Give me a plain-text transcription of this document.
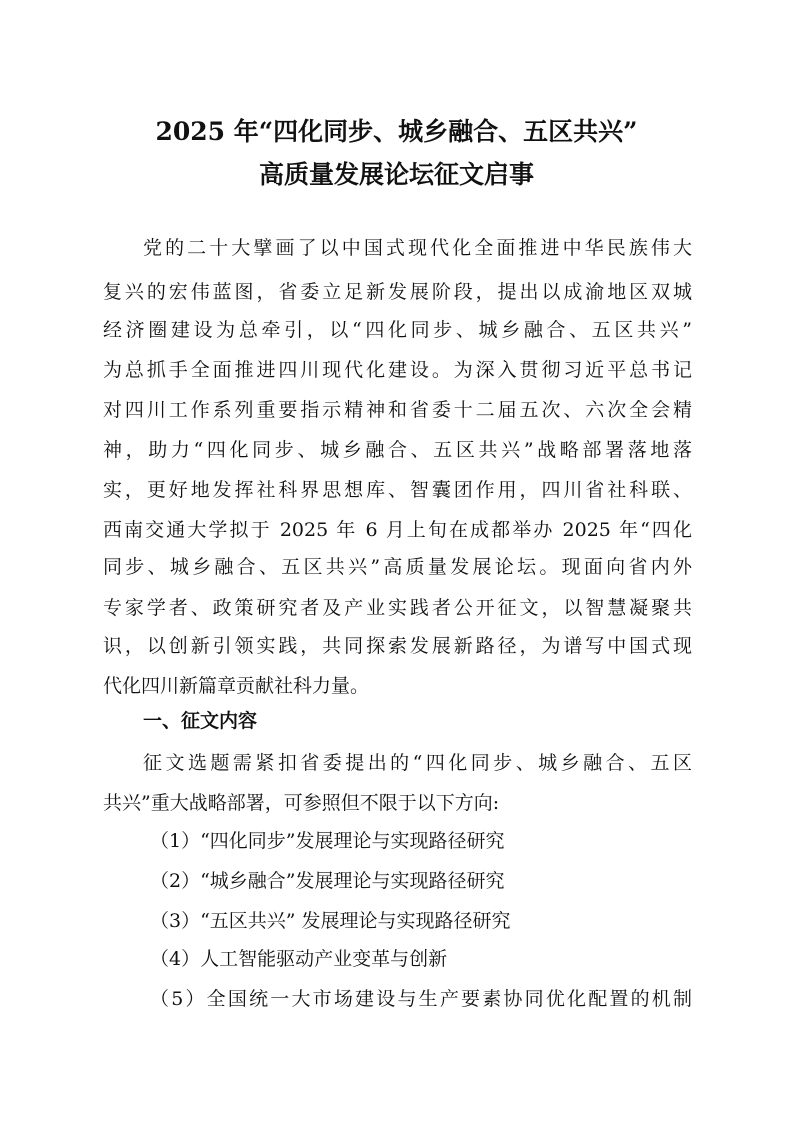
2025 年“四化同步、城乡融合、五区共兴”
高质量发展论坛征文启事
党的二十大擘画了以中国式现代化全面推进中华民族伟大
复兴的宏伟蓝图，省委立足新发展阶段，提出以成渝地区双城
经济圈建设为总牵引，以“四化同步、城乡融合、五区共兴”
为总抓手全面推进四川现代化建设。为深入贯彻习近平总书记
对四川工作系列重要指示精神和省委十二届五次、六次全会精
神，助力“四化同步、城乡融合、五区共兴”战略部署落地落
实，更好地发挥社科界思想库、智囊团作用，四川省社科联、
西南交通大学拟于 2025 年 6 月上旬在成都举办 2025 年“四化
同步、城乡融合、五区共兴”高质量发展论坛。现面向省内外
专家学者、政策研究者及产业实践者公开征文，以智慧凝聚共
识，以创新引领实践，共同探索发展新路径，为谱写中国式现
代化四川新篇章贡献社科力量。
一、征文内容
征文选题需紧扣省委提出的“四化同步、城乡融合、五区
共兴”重大战略部署，可参照但不限于以下方向:
（1）“四化同步”发展理论与实现路径研究
（2）“城乡融合”发展理论与实现路径研究
（3）“五区共兴” 发展理论与实现路径研究
（4）人工智能驱动产业变革与创新
（5）全国统一大市场建设与生产要素协同优化配置的机制
